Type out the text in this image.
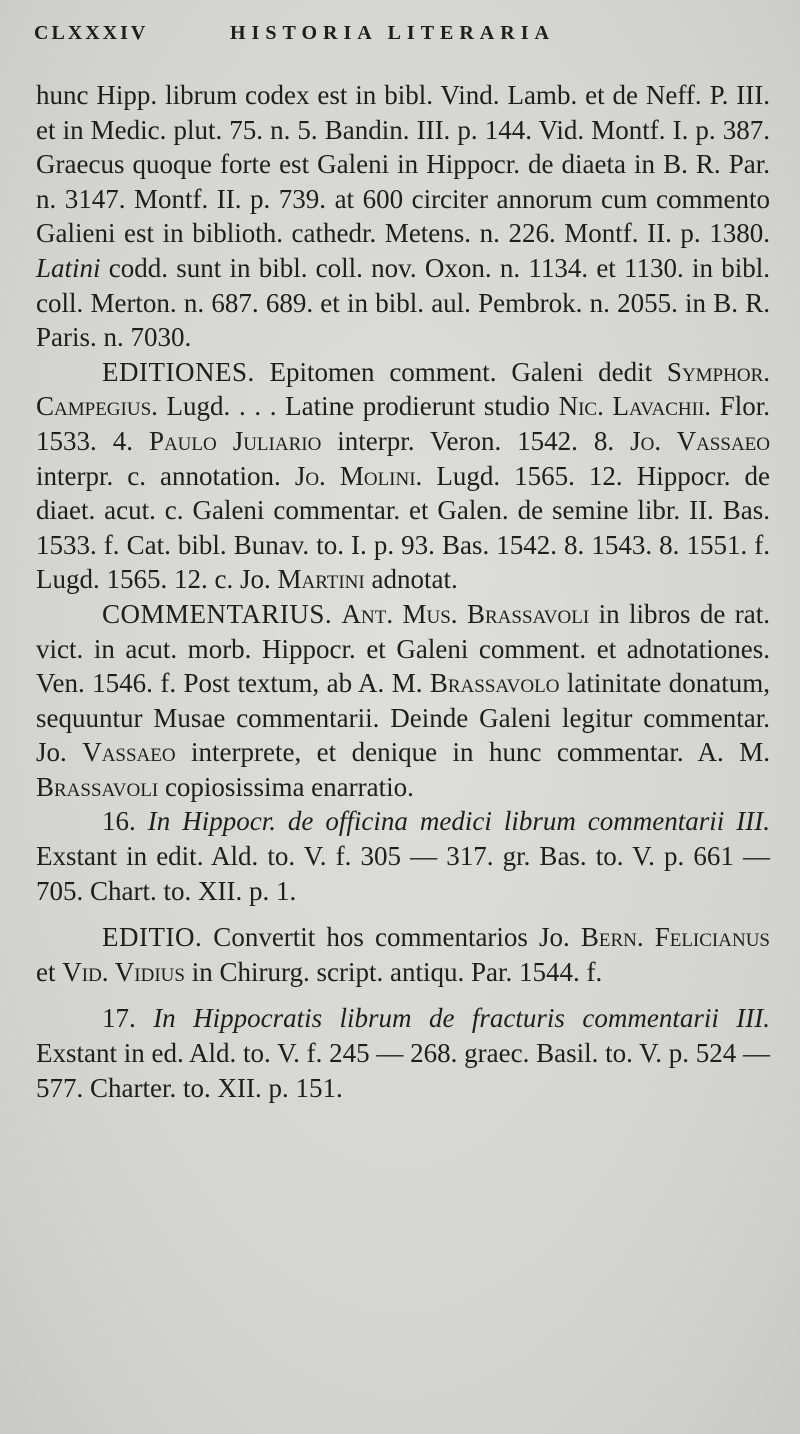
CLXXXIV	HISTORIA LITERARIA

hunc Hipp. librum codex est in bibl. Vind. Lamb. et de Neff. P. III. et in Medic. plut. 75. n. 5. Bandin. III. p. 144. Vid. Montf. I. p. 387. Graecus quoque forte est Galeni in Hippocr. de diaeta in B. R. Par. n. 3147. Montf. II. p. 739. at 600 circiter annorum cum commento Galieni est in biblioth. cathedr. Metens. n. 226. Montf. II. p. 1380. Latini codd. sunt in bibl. coll. nov. Oxon. n. 1134. et 1130. in bibl. coll. Merton. n. 687. 689. et in bibl. aul. Pembrok. n. 2055. in B. R. Paris. n. 7030.

EDITIONES. Epitomen comment. Galeni dedit Symphor. Campegius. Lugd. . . . Latine prodierunt studio Nic. Lavachii. Flor. 1533. 4. Paulo Juliario interpr. Veron. 1542. 8. Jo. Vassaeo interpr. c. annotation. Jo. Molini. Lugd. 1565. 12. Hippocr. de diaet. acut. c. Galeni commentar. et Galen. de semine libr. II. Bas. 1533. f. Cat. bibl. Bunav. to. I. p. 93. Bas. 1542. 8. 1543. 8. 1551. f. Lugd. 1565. 12. c. Jo. Martini adnotat.

COMMENTARIUS. Ant. Mus. Brassavoli in libros de rat. vict. in acut. morb. Hippocr. et Galeni comment. et adnotationes. Ven. 1546. f. Post textum, ab A. M. Brassavolo latinitate donatum, sequuntur Musae commentarii. Deinde Galeni legitur commentar. Jo. Vassaeo interprete, et denique in hunc commentar. A. M. Brassavoli copiosissima enarratio.

16. In Hippocr. de officina medici librum commentarii III. Exstant in edit. Ald. to. V. f. 305 — 317. gr. Bas. to. V. p. 661 — 705. Chart. to. XII. p. 1.

EDITIO. Convertit hos commentarios Jo. Bern. Felicianus et Vid. Vidius in Chirurg. script. antiqu. Par. 1544. f.

17. In Hippocratis librum de fracturis commentarii III. Exstant in ed. Ald. to. V. f. 245 — 268. graec. Basil. to. V. p. 524 — 577. Charter. to. XII. p. 151.
